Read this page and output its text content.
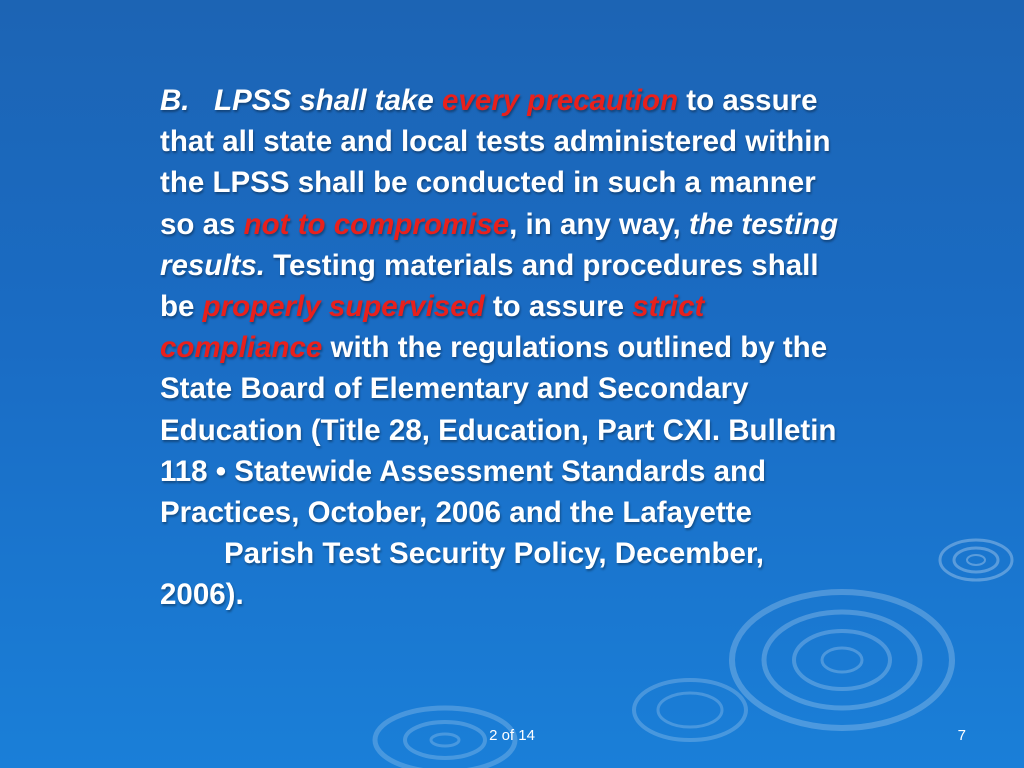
B. LPSS shall take every precaution to assure
that all state and local tests administered within
the LPSS shall be conducted in such a manner
so as not to compromise, in any way, the testing
results. Testing materials and procedures shall
be properly supervised to assure strict
compliance with the regulations outlined by the
State Board of Elementary and Secondary
Education (Title 28, Education, Part CXI. Bulletin
118 • Statewide Assessment Standards and
Practices, October, 2006 and the Lafayette
Parish Test Security Policy, December,
2006).
2 of 14	7
